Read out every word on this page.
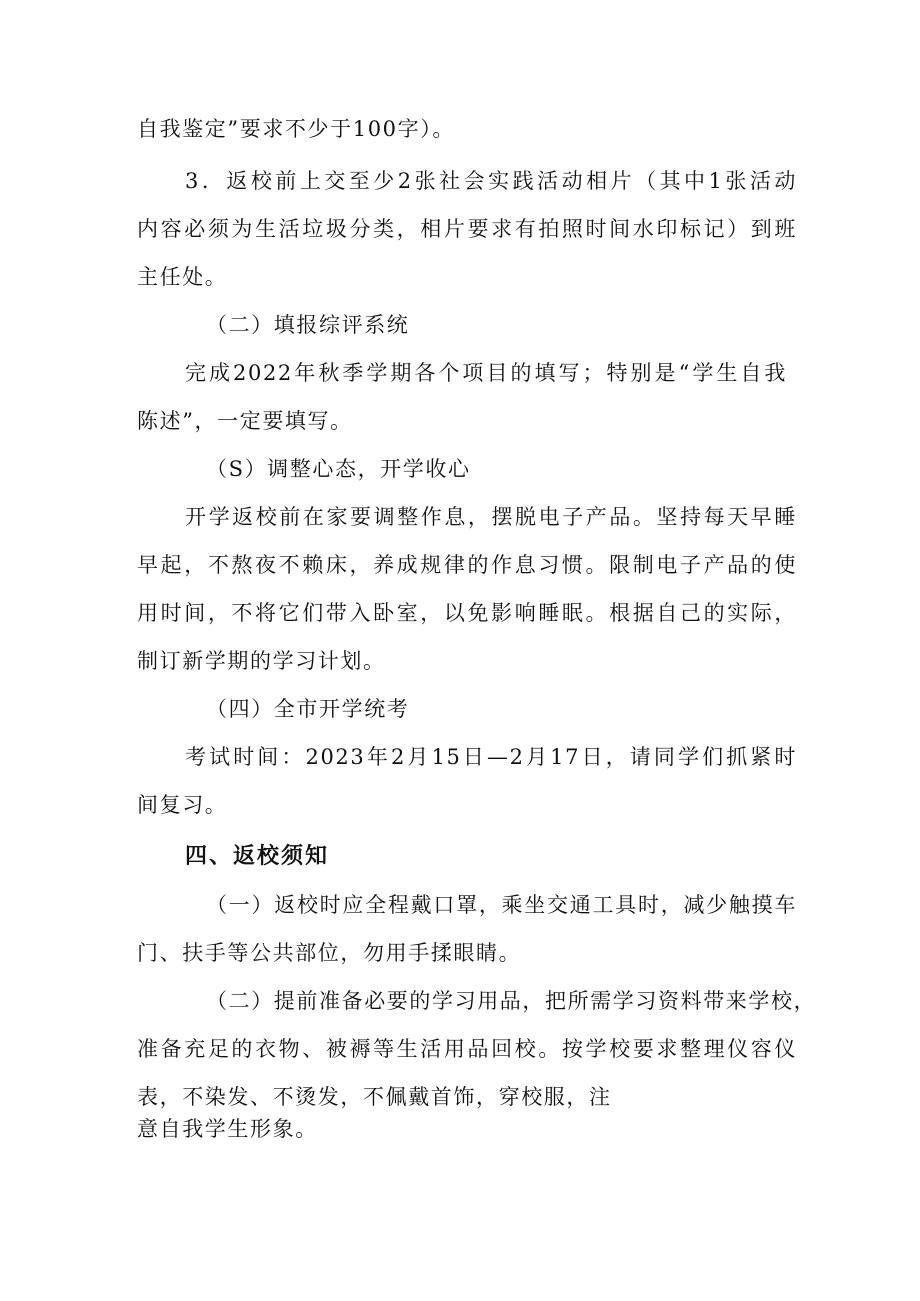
自我鉴定”要求不少于100字）。
3．返校前上交至少2张社会实践活动相片（其中1张活动
内容必须为生活垃圾分类，相片要求有拍照时间水印标记）到班
主任处。
（二）填报综评系统
完成2022年秋季学期各个项目的填写；特别是“学生自我
陈述”，一定要填写。
（S）调整心态，开学收心
开学返校前在家要调整作息，摆脱电子产品。坚持每天早睡
早起，不熬夜不赖床，养成规律的作息习惯。限制电子产品的使
用时间，不将它们带入卧室，以免影响睡眠。根据自己的实际，
制订新学期的学习计划。
（四）全市开学统考
考试时间：2023年2月15日—2月17日，请同学们抓紧时
间复习。
四、返校须知
（一）返校时应全程戴口罩，乘坐交通工具时，减少触摸车
门、扶手等公共部位，勿用手揉眼睛。
（二）提前准备必要的学习用品，把所需学习资料带来学校，
准备充足的衣物、被褥等生活用品回校。按学校要求整理仪容仪
表，不染发、不烫发，不佩戴首饰，穿校服，注
意自我学生形象。
